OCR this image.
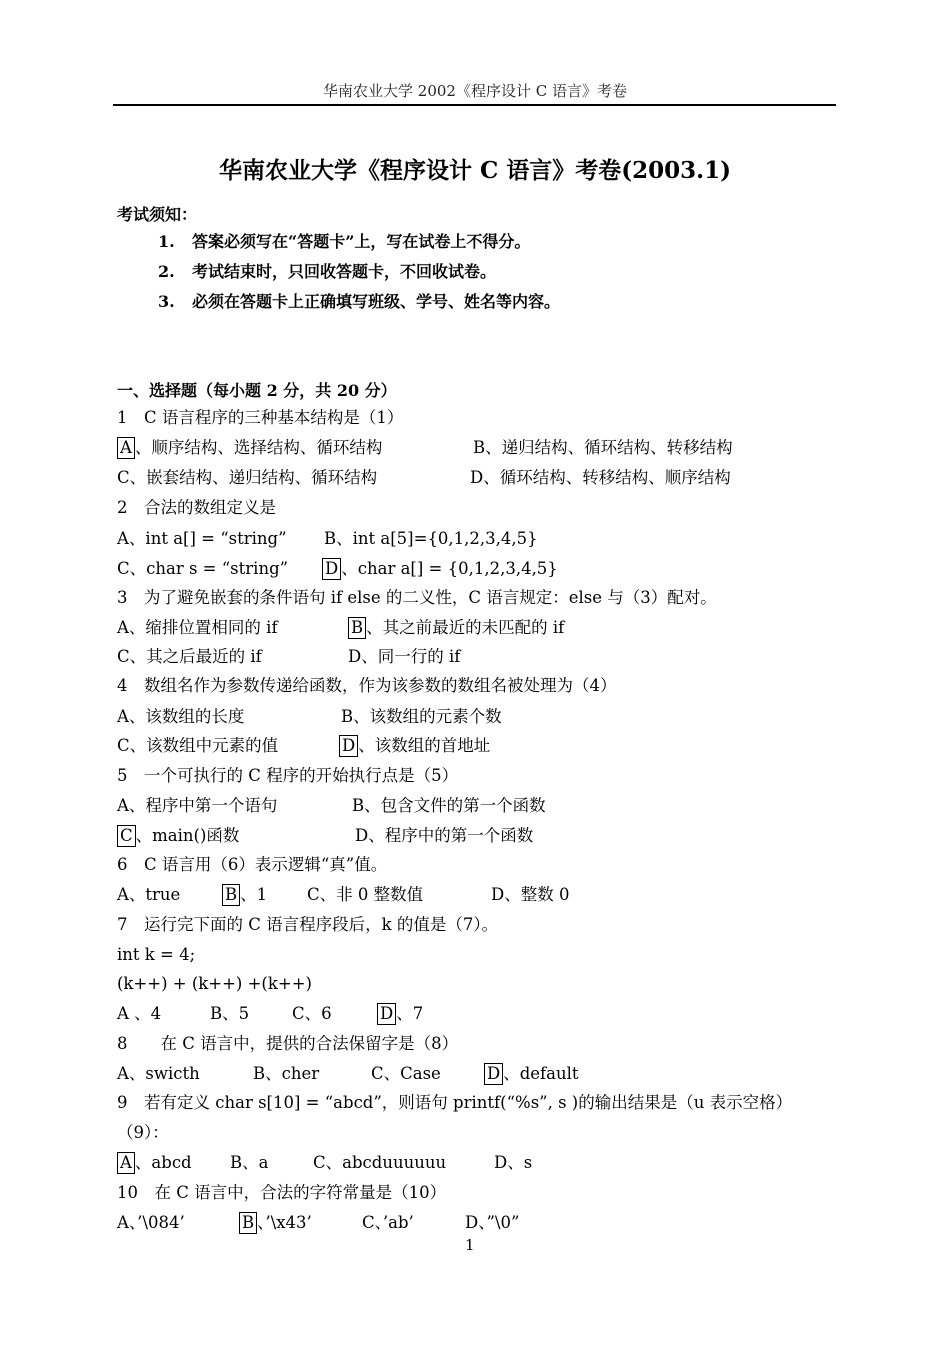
华南农业大学 2002《程序设计 C 语言》考卷
华南农业大学《程序设计 C 语言》考卷(2003.1)
考试须知：
1. 答案必须写在“答题卡”上，写在试卷上不得分。
2. 考试结束时，只回收答题卡，不回收试卷。
3. 必须在答题卡上正确填写班级、学号、姓名等内容。
一、选择题（每小题 2 分，共 20 分）
1　C 语言程序的三种基本结构是（1）
A 、顺序结构、选择结构、循环结构	B、递归结构、循环结构、转移结构
C、嵌套结构、递归结构、循环结构	D、循环结构、转移结构、顺序结构
2　合法的数组定义是
A、int a[] = “string” B、int a[5]={0,1,2,3,4,5}
C、char s = “string” D 、char a[] = {0,1,2,3,4,5}
3　为了避免嵌套的条件语句 if else 的二义性，C 语言规定：else 与（3）配对。
A、缩排位置相同的 if	B 、其之前最近的未匹配的 if
C、其之后最近的 if	D、同一行的 if
4　数组名作为参数传递给函数，作为该参数的数组名被处理为（4）
A、该数组的长度	B、该数组的元素个数
C、该数组中元素的值	D 、该数组的首地址
5　一个可执行的 C 程序的开始执行点是（5）
A、程序中第一个语句	B、包含文件的第一个函数
C 、main()函数	D、程序中的第一个函数
6　C 语言用（6）表示逻辑“真”值。
A、true	B 、1 C、非 0 整数值	D、整数 0
7　运行完下面的 C 语言程序段后，k 的值是（7）。
int k = 4;
(k++) + (k++) +(k++)
A 、4	B、5	C、6	D 、7
8　　在 C 语言中，提供的合法保留字是（8）
A、swicth	B、cher	C、Case	D 、default
9　若有定义 char s[10] = “abcd”，则语句 printf(“%s”, s )的输出结果是（u 表示空格）
（9）：
A 、abcd B、a	C、abcduuuuuu	D、s
10　在 C 语言中，合法的字符常量是（10）
A、’\084’	B 、’\x43’	C、’ab’	D、”\0”
1
